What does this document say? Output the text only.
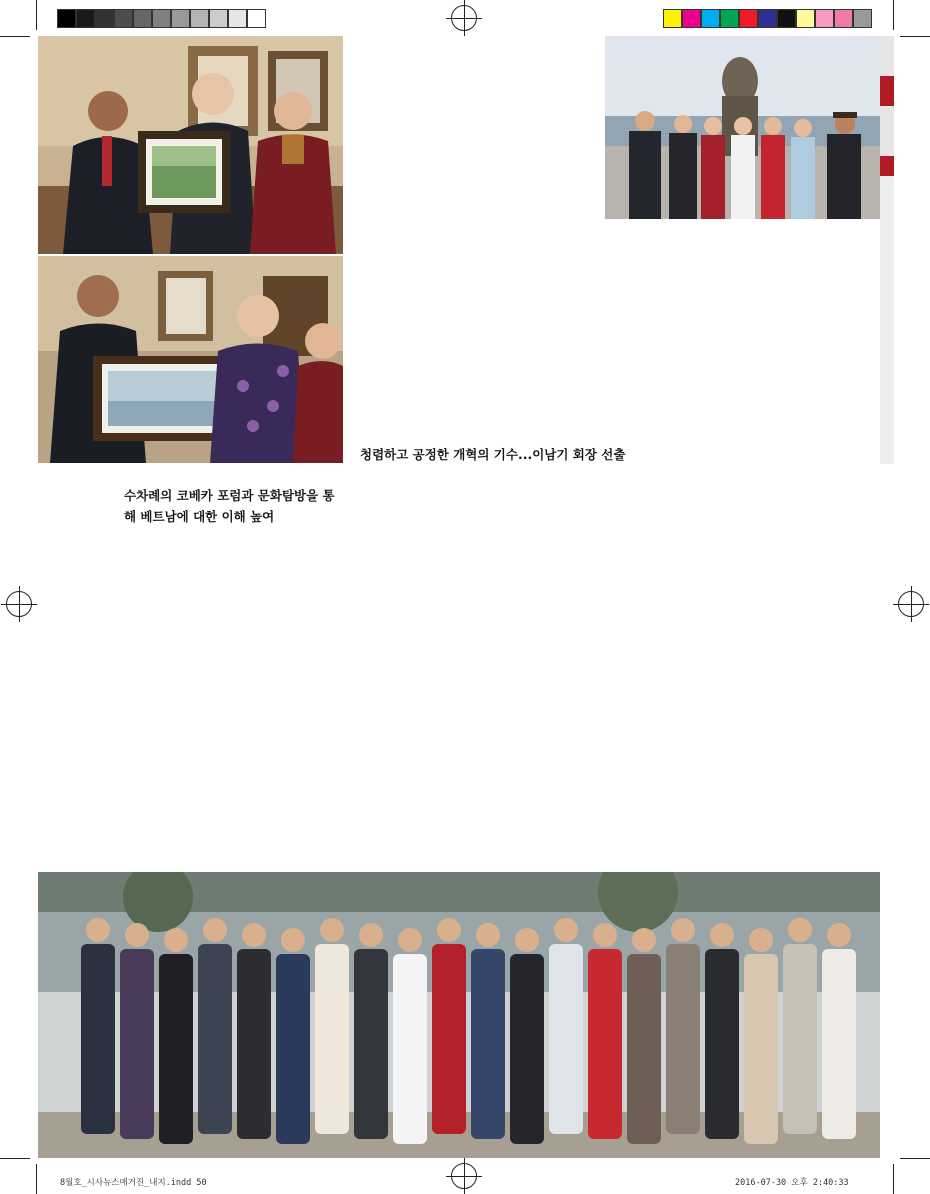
수차례의 코베카 포럼과 문화탐방을 통해 베트남에 대한 이해 높여
청렴하고 공정한 개혁의 기수...이남기 회장 선출
8월호_시사뉴스매거진_내지.indd 50	2016-07-30 오후 2:40:33
